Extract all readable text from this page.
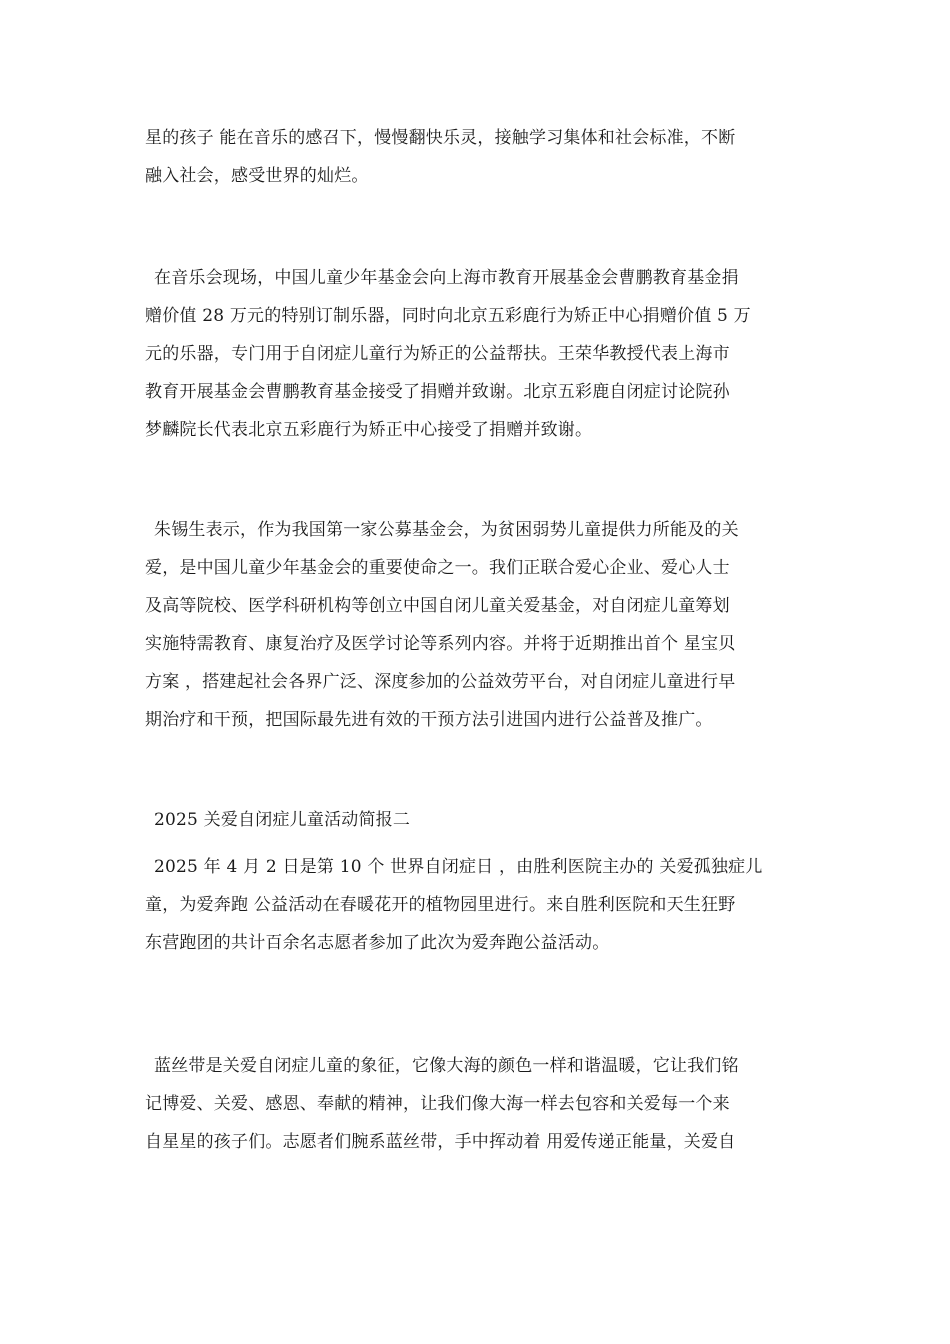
星的孩子 能在音乐的感召下，慢慢翻快乐灵，接触学习集体和社会标准，不断
融入社会，感受世界的灿烂。
在音乐会现场，中国儿童少年基金会向上海市教育开展基金会曹鹏教育基金捐
赠价值 28 万元的特别订制乐器，同时向北京五彩鹿行为矫正中心捐赠价值 5 万
元的乐器，专门用于自闭症儿童行为矫正的公益帮扶。王荣华教授代表上海市
教育开展基金会曹鹏教育基金接受了捐赠并致谢。北京五彩鹿自闭症讨论院孙
梦麟院长代表北京五彩鹿行为矫正中心接受了捐赠并致谢。
朱锡生表示，作为我国第一家公募基金会，为贫困弱势儿童提供力所能及的关
爱，是中国儿童少年基金会的重要使命之一。我们正联合爱心企业、爱心人士
及高等院校、医学科研机构等创立中国自闭儿童关爱基金，对自闭症儿童筹划
实施特需教育、康复治疗及医学讨论等系列内容。并将于近期推出首个 星宝贝
方案 ，搭建起社会各界广泛、深度参加的公益效劳平台，对自闭症儿童进行早
期治疗和干预，把国际最先进有效的干预方法引进国内进行公益普及推广。
2025 关爱自闭症儿童活动简报二
2025 年 4 月 2 日是第 10 个 世界自闭症日 ，由胜利医院主办的 关爱孤独症儿
童，为爱奔跑 公益活动在春暖花开的植物园里进行。来自胜利医院和天生狂野
东营跑团的共计百余名志愿者参加了此次为爱奔跑公益活动。
蓝丝带是关爱自闭症儿童的象征，它像大海的颜色一样和谐温暖，它让我们铭
记博爱、关爱、感恩、奉献的精神，让我们像大海一样去包容和关爱每一个来
自星星的孩子们。志愿者们腕系蓝丝带，手中挥动着 用爱传递正能量，关爱自
